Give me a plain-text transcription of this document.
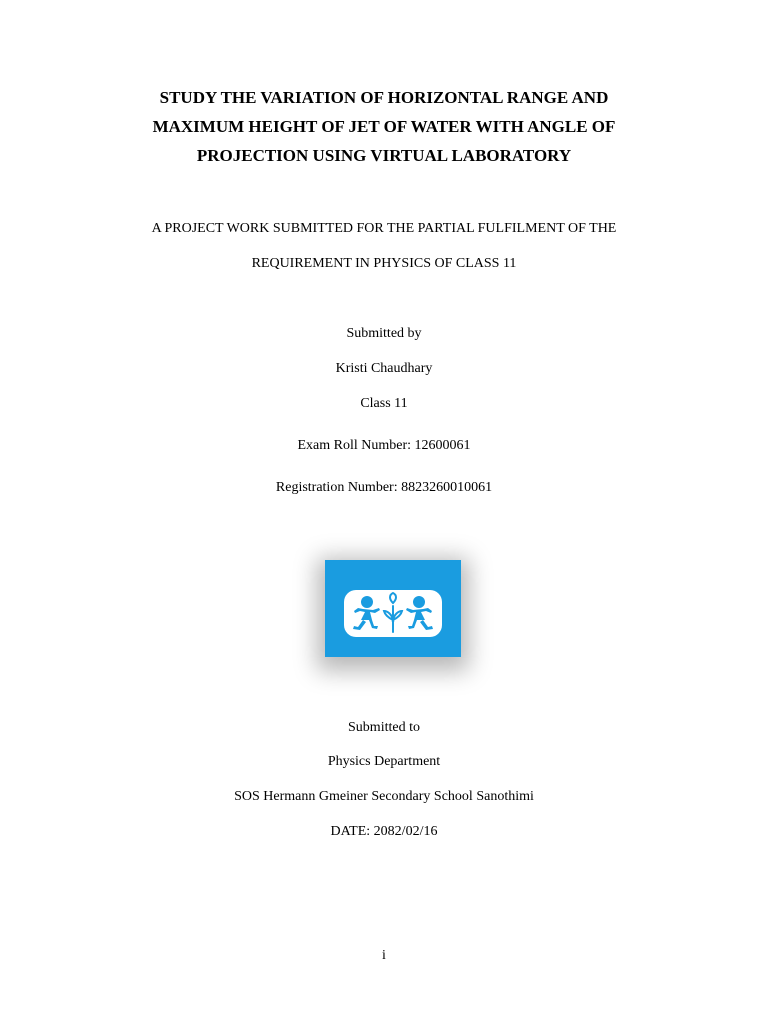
STUDY THE VARIATION OF HORIZONTAL RANGE AND

MAXIMUM HEIGHT OF JET OF WATER WITH ANGLE OF

PROJECTION USING VIRTUAL LABORATORY

A PROJECT WORK SUBMITTED FOR THE PARTIAL FULFILMENT OF THE

REQUIREMENT IN PHYSICS OF CLASS 11

Submitted by

Kristi Chaudhary

Class 11

Exam Roll Number: 12600061

Registration Number: 8823260010061

Submitted to

Physics Department

SOS Hermann Gmeiner Secondary School Sanothimi

DATE: 2082/02/16

i
